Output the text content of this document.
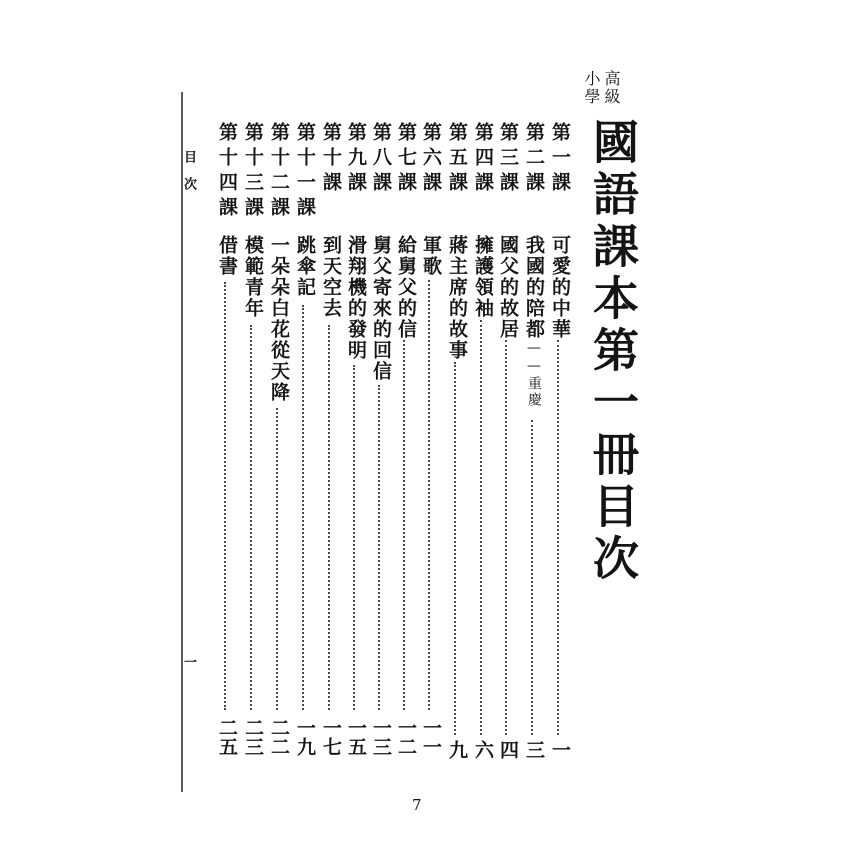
高級
小學
國語課本第一冊目次
第一課
可愛的中華
一
第二課
我國的陪都
——重慶
三
第三課
國父的故居
四
第四課
擁護領袖
六
第五課
蔣主席的故事
九
第六課
軍歌
一一
第七課
給舅父的信
一二
第八課
舅父寄來的回信
一三
第九課
滑翔機的發明
一五
第十課
到天空去
一七
第十一課
跳傘記
一九
第十二課
一朵朵白花從天降
二二
第十三課
模範青年
二三
第十四課
借書
二五
目次
一
7
